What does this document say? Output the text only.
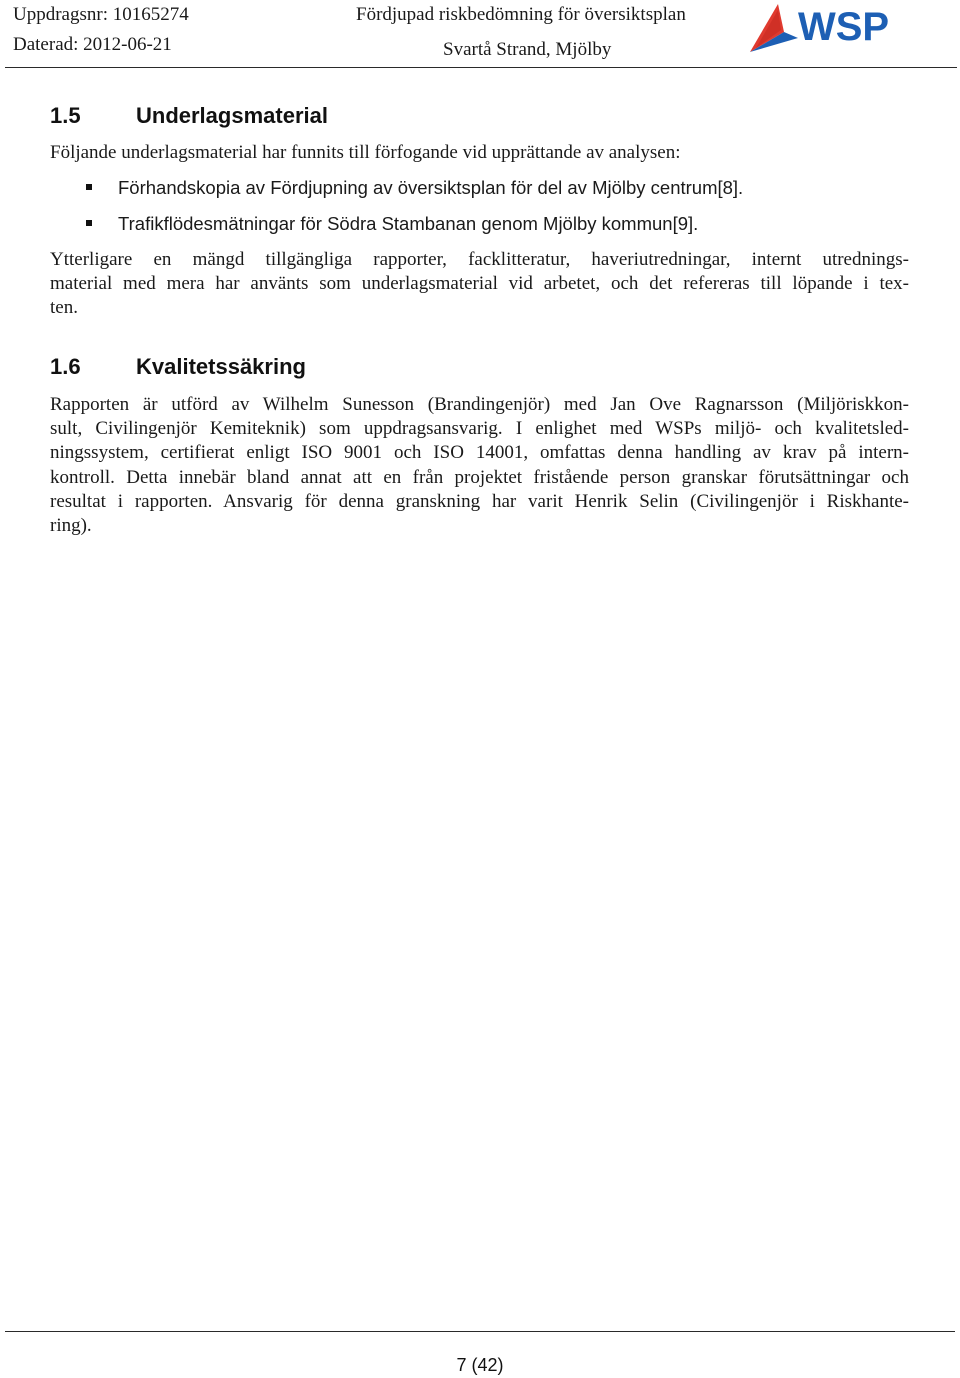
Uppdragsnr: 10165274
Daterad: 2012-06-21
Fördjupad riskbedömning för översiktsplan
Svartå Strand, Mjölby
WSP
1.5	Underlagsmaterial
Följande underlagsmaterial har funnits till förfogande vid upprättande av analysen:
Förhandskopia av Fördjupning av översiktsplan för del av Mjölby centrum[8].
Trafikflödesmätningar för Södra Stambanan genom Mjölby kommun[9].
Ytterligare en mängd tillgängliga rapporter, facklitteratur, haveriutredningar, internt utrednings-
material med mera har använts som underlagsmaterial vid arbetet, och det refereras till löpande i tex-
ten.
1.6	Kvalitetssäkring
Rapporten är utförd av Wilhelm Sunesson (Brandingenjör) med Jan Ove Ragnarsson (Miljöriskkon-
sult, Civilingenjör Kemiteknik) som uppdragsansvarig. I enlighet med WSPs miljö- och kvalitetsled-
ningssystem, certifierat enligt ISO 9001 och ISO 14001, omfattas denna handling av krav på intern-
kontroll. Detta innebär bland annat att en från projektet fristående person granskar förutsättningar och
resultat i rapporten. Ansvarig för denna granskning har varit Henrik Selin (Civilingenjör i Riskhante-
ring).
7 (42)
